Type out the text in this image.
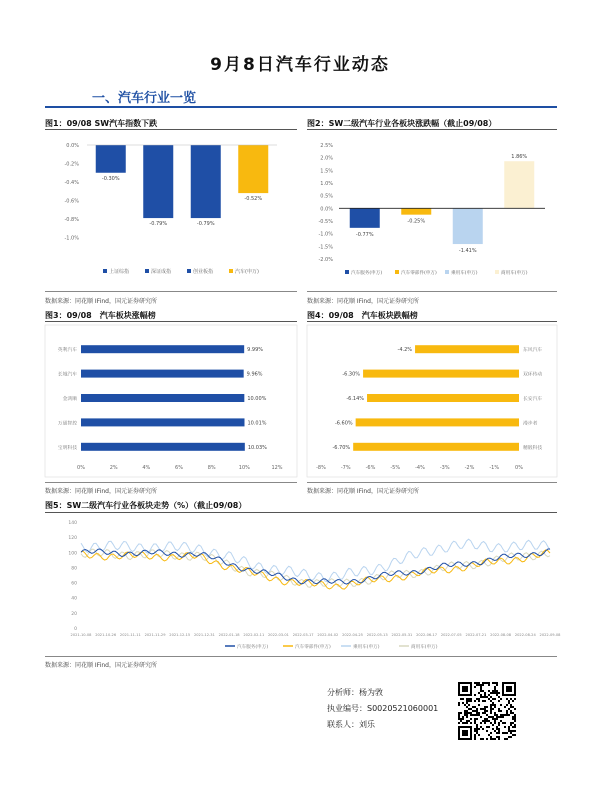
9月8日汽车行业动态
一、汽车行业一览
图1：09/08 SW汽车指数下跌
0.0%
-0.2%
-0.4%
-0.6%
-0.8%
-1.0%
-0.30%
-0.79%	-0.79%
-0.52%
上证综指	深证成指	创业板指	汽车(申万)
数据来源：同花顺 IFind，国元证券研究所
图2：SW二级汽车行业各板块涨跌幅（截止09/08）
2.5%
2.0%
1.5%
1.0%
0.5%
0.0%
-0.5%
-1.0%
-1.5%
-2.0%
-0.77%
-0.25%
-1.41%
1.86%
汽车服务(申万)	汽车零部件(申万)	乘用车(申万)	商用车(申万)
数据来源：同花顺 IFind，国元证券研究所
图3：09/08　汽车板块涨幅榜
英利汽车	9.99%
长城汽车	9.96%
金鸿顺	10.00%
万通智控	10.01%
宝明科技	10.03%
0%	2%	4%	6%	8%	10%	12%
数据来源：同花顺 IFind，国元证券研究所
图4：09/08　汽车板块跌幅榜
-4.2%	东风汽车
-6.30%	双环传动
-6.14%	长安汽车
-6.60%	漫步者
-6.70%	精锻科技
-8%	-7%	-6%	-5%	-4%	-3%	-2%	-1%	0%
数据来源：同花顺 IFind，国元证券研究所
图5：SW二级汽车行业各板块走势（%）（截止09/08）
140
120
100
80
60
40
20
0
2021-10-08 2021-10-26 2021-11-11 2021-11-29 2021-12-15 2021-12-31 2022-01-18 2022-02-11 2022-03-01 2022-03-17 2022-04-02 2022-04-25 2022-05-13 2022-05-31 2022-06-17 2022-07-05 2022-07-21 2022-08-08 2022-08-24 2022-09-08
汽车服务(申万)	汽车零部件(申万)	乘用车(申万)	商用车(申万)
数据来源：同花顺 IFind，国元证券研究所
分析师：杨为敩
执业编号：S0020521060001
联系人：刘乐
